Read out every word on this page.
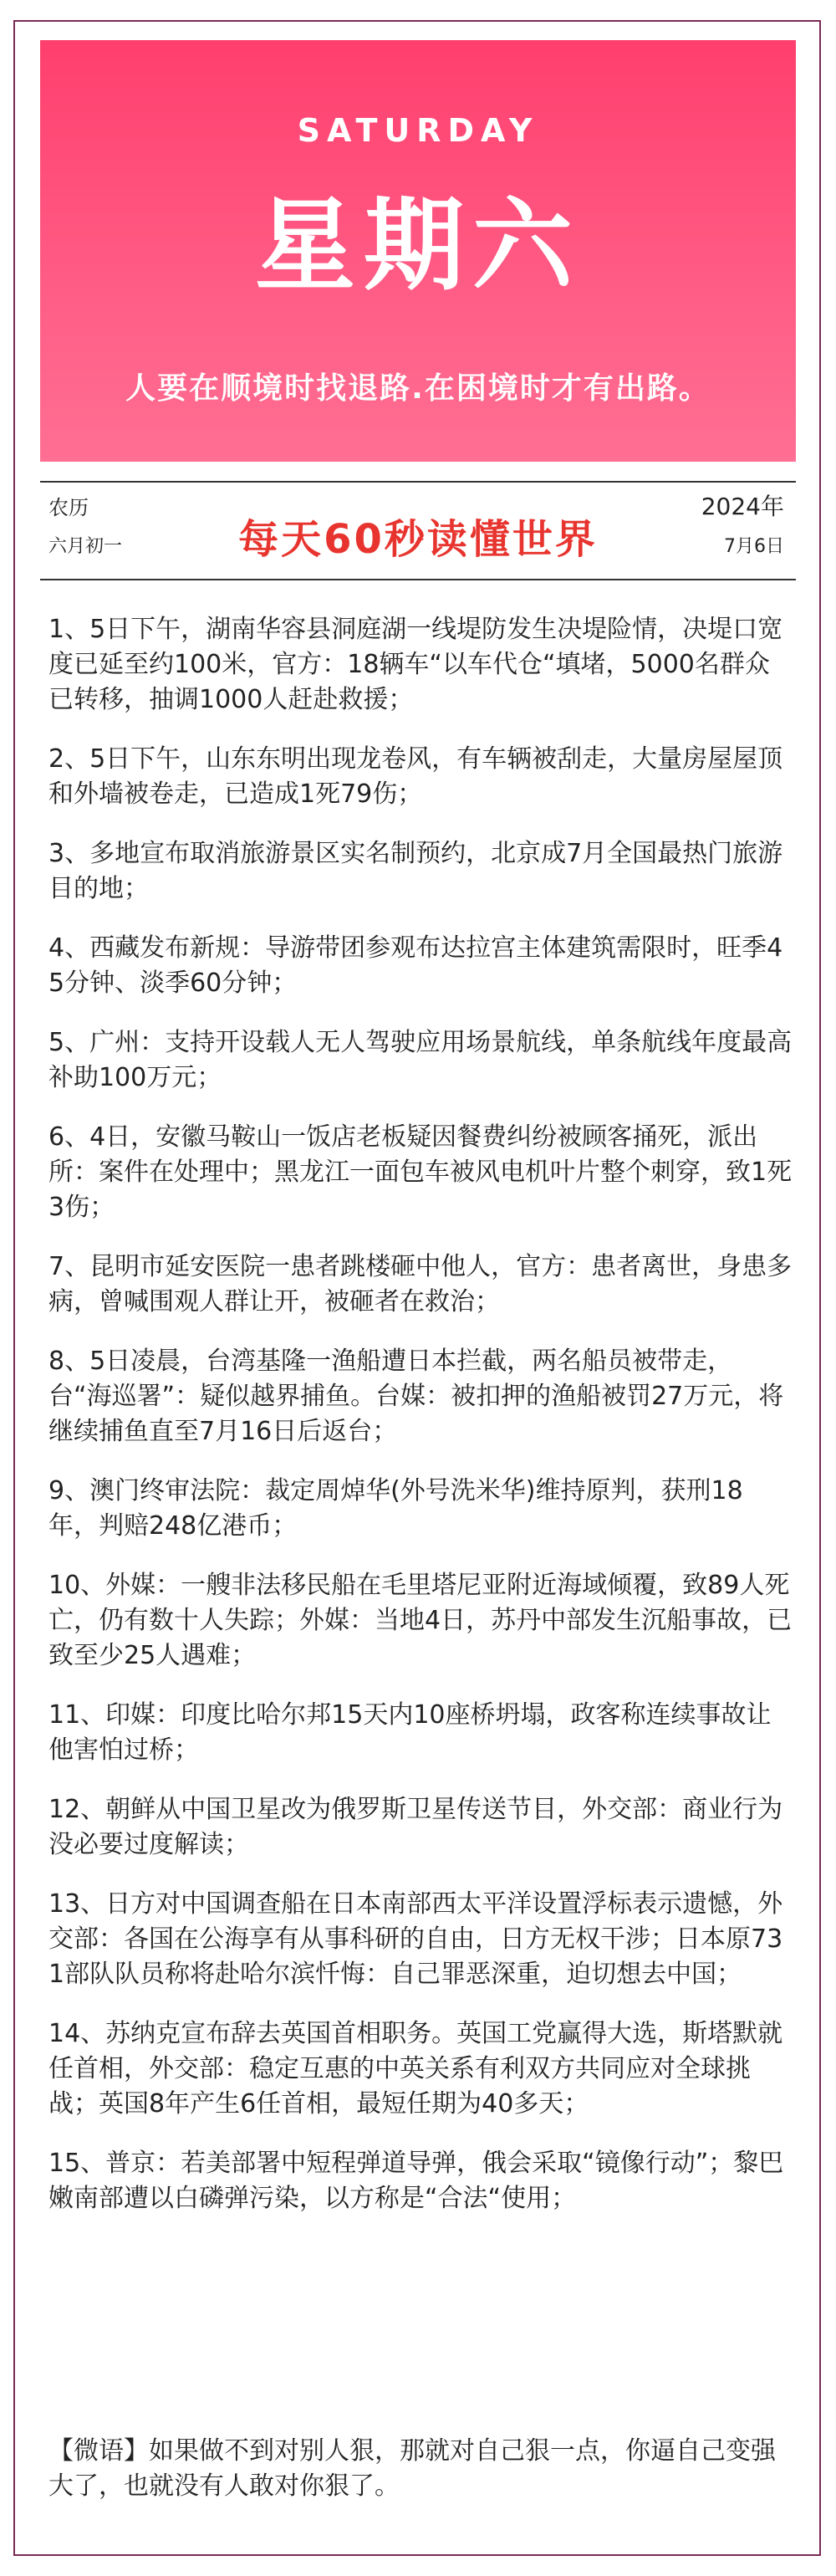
SATURDAY
星期六
人要在顺境时找退路.在困境时才有出路。
农历
六月初一	每天60秒读懂世界
2024年
7月6日
1、5日下午，湖南华容县洞庭湖一线堤防发生决堤险情，决堤口宽度已延至约100米，官方：18辆车“以车代仓“填堵，5000名群众已转移，抽调1000人赶赴救援；
2、5日下午，山东东明出现龙卷风，有车辆被刮走，大量房屋屋顶和外墙被卷走，已造成1死79伤；
3、多地宣布取消旅游景区实名制预约，北京成7月全国最热门旅游目的地；
4、西藏发布新规：导游带团参观布达拉宫主体建筑需限时，旺季45分钟、淡季60分钟；
5、广州：支持开设载人无人驾驶应用场景航线，单条航线年度最高补助100万元；
6、4日，安徽马鞍山一饭店老板疑因餐费纠纷被顾客捅死，派出所：案件在处理中；黑龙江一面包车被风电机叶片整个刺穿，致1死3伤；
7、昆明市延安医院一患者跳楼砸中他人，官方：患者离世，身患多病，曾喊围观人群让开，被砸者在救治；
8、5日凌晨，台湾基隆一渔船遭日本拦截，两名船员被带走，台“海巡署”：疑似越界捕鱼。台媒：被扣押的渔船被罚27万元，将继续捕鱼直至7月16日后返台；
9、澳门终审法院：裁定周焯华(外号洗米华)维持原判，获刑18年，判赔248亿港币；
10、外媒：一艘非法移民船在毛里塔尼亚附近海域倾覆，致89人死亡，仍有数十人失踪；外媒：当地4日，苏丹中部发生沉船事故，已致至少25人遇难；
11、印媒：印度比哈尔邦15天内10座桥坍塌，政客称连续事故让他害怕过桥；
12、朝鲜从中国卫星改为俄罗斯卫星传送节目，外交部：商业行为没必要过度解读；
13、日方对中国调查船在日本南部西太平洋设置浮标表示遗憾，外交部：各国在公海享有从事科研的自由，日方无权干涉；日本原731部队队员称将赴哈尔滨忏悔：自己罪恶深重，迫切想去中国；
14、苏纳克宣布辞去英国首相职务。英国工党赢得大选，斯塔默就任首相，外交部：稳定互惠的中英关系有利双方共同应对全球挑战；英国8年产生6任首相，最短任期为40多天；
15、普京：若美部署中短程弹道导弹，俄会采取“镜像行动”；黎巴嫩南部遭以白磷弹污染，以方称是“合法“使用；
【微语】如果做不到对别人狠，那就对自己狠一点，你逼自己变强大了，也就没有人敢对你狠了。
